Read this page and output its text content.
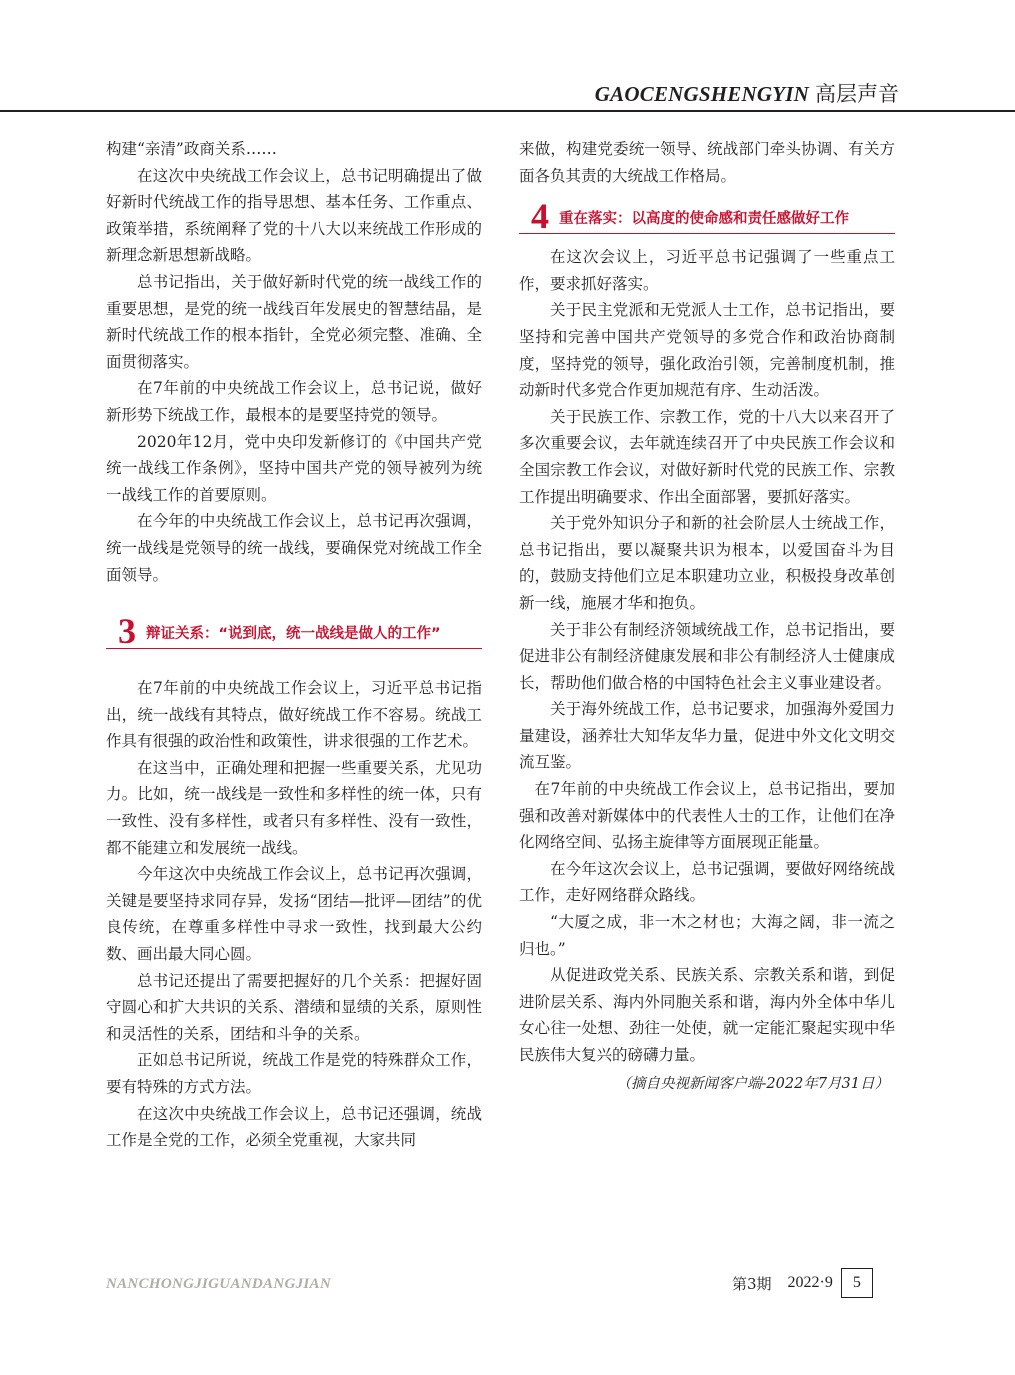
GAOCENGSHENGYIN 高层声音

构建“亲清”政商关系……

在这次中央统战工作会议上，总书记明确提出了做好新时代统战工作的指导思想、基本任务、工作重点、政策举措，系统阐释了党的十八大以来统战工作形成的新理念新思想新战略。

总书记指出，关于做好新时代党的统一战线工作的重要思想，是党的统一战线百年发展史的智慧结晶，是新时代统战工作的根本指针，全党必须完整、准确、全面贯彻落实。

在7年前的中央统战工作会议上，总书记说，做好新形势下统战工作，最根本的是要坚持党的领导。

2020年12月，党中央印发新修订的《中国共产党统一战线工作条例》，坚持中国共产党的领导被列为统一战线工作的首要原则。

在今年的中央统战工作会议上，总书记再次强调，统一战线是党领导的统一战线，要确保党对统战工作全面领导。

3 辩证关系：“说到底，统一战线是做人的工作”

在7年前的中央统战工作会议上，习近平总书记指出，统一战线有其特点，做好统战工作不容易。统战工作具有很强的政治性和政策性，讲求很强的工作艺术。

在这当中，正确处理和把握一些重要关系，尤见功力。比如，统一战线是一致性和多样性的统一体，只有一致性、没有多样性，或者只有多样性、没有一致性，都不能建立和发展统一战线。

今年这次中央统战工作会议上，总书记再次强调，关键是要坚持求同存异，发扬“团结—批评—团结”的优良传统，在尊重多样性中寻求一致性，找到最大公约数、画出最大同心圆。

总书记还提出了需要把握好的几个关系：把握好固守圆心和扩大共识的关系、潜绩和显绩的关系，原则性和灵活性的关系，团结和斗争的关系。

正如总书记所说，统战工作是党的特殊群众工作，要有特殊的方式方法。

在这次中央统战工作会议上，总书记还强调，统战工作是全党的工作，必须全党重视，大家共同

来做，构建党委统一领导、统战部门牵头协调、有关方面各负其责的大统战工作格局。

4 重在落实：以高度的使命感和责任感做好工作

在这次会议上，习近平总书记强调了一些重点工作，要求抓好落实。

关于民主党派和无党派人士工作，总书记指出，要坚持和完善中国共产党领导的多党合作和政治协商制度，坚持党的领导，强化政治引领，完善制度机制，推动新时代多党合作更加规范有序、生动活泼。

关于民族工作、宗教工作，党的十八大以来召开了多次重要会议，去年就连续召开了中央民族工作会议和全国宗教工作会议，对做好新时代党的民族工作、宗教工作提出明确要求、作出全面部署，要抓好落实。

关于党外知识分子和新的社会阶层人士统战工作，总书记指出，要以凝聚共识为根本，以爱国奋斗为目的，鼓励支持他们立足本职建功立业，积极投身改革创新一线，施展才华和抱负。

关于非公有制经济领域统战工作，总书记指出，要促进非公有制经济健康发展和非公有制经济人士健康成长，帮助他们做合格的中国特色社会主义事业建设者。

关于海外统战工作，总书记要求，加强海外爱国力量建设，涵养壮大知华友华力量，促进中外文化文明交流互鉴。

在7年前的中央统战工作会议上，总书记指出，要加强和改善对新媒体中的代表性人士的工作，让他们在净化网络空间、弘扬主旋律等方面展现正能量。

在今年这次会议上，总书记强调，要做好网络统战工作，走好网络群众路线。

“大厦之成，非一木之材也；大海之阔，非一流之归也。”

从促进政党关系、民族关系、宗教关系和谐，到促进阶层关系、海内外同胞关系和谐，海内外全体中华儿女心往一处想、劲往一处使，就一定能汇聚起实现中华民族伟大复兴的磅礴力量。

（摘自央视新闻客户端-2022年7月31日）
NANCHONGJIGUANDANGJIAN	第3期 2022·9	5
